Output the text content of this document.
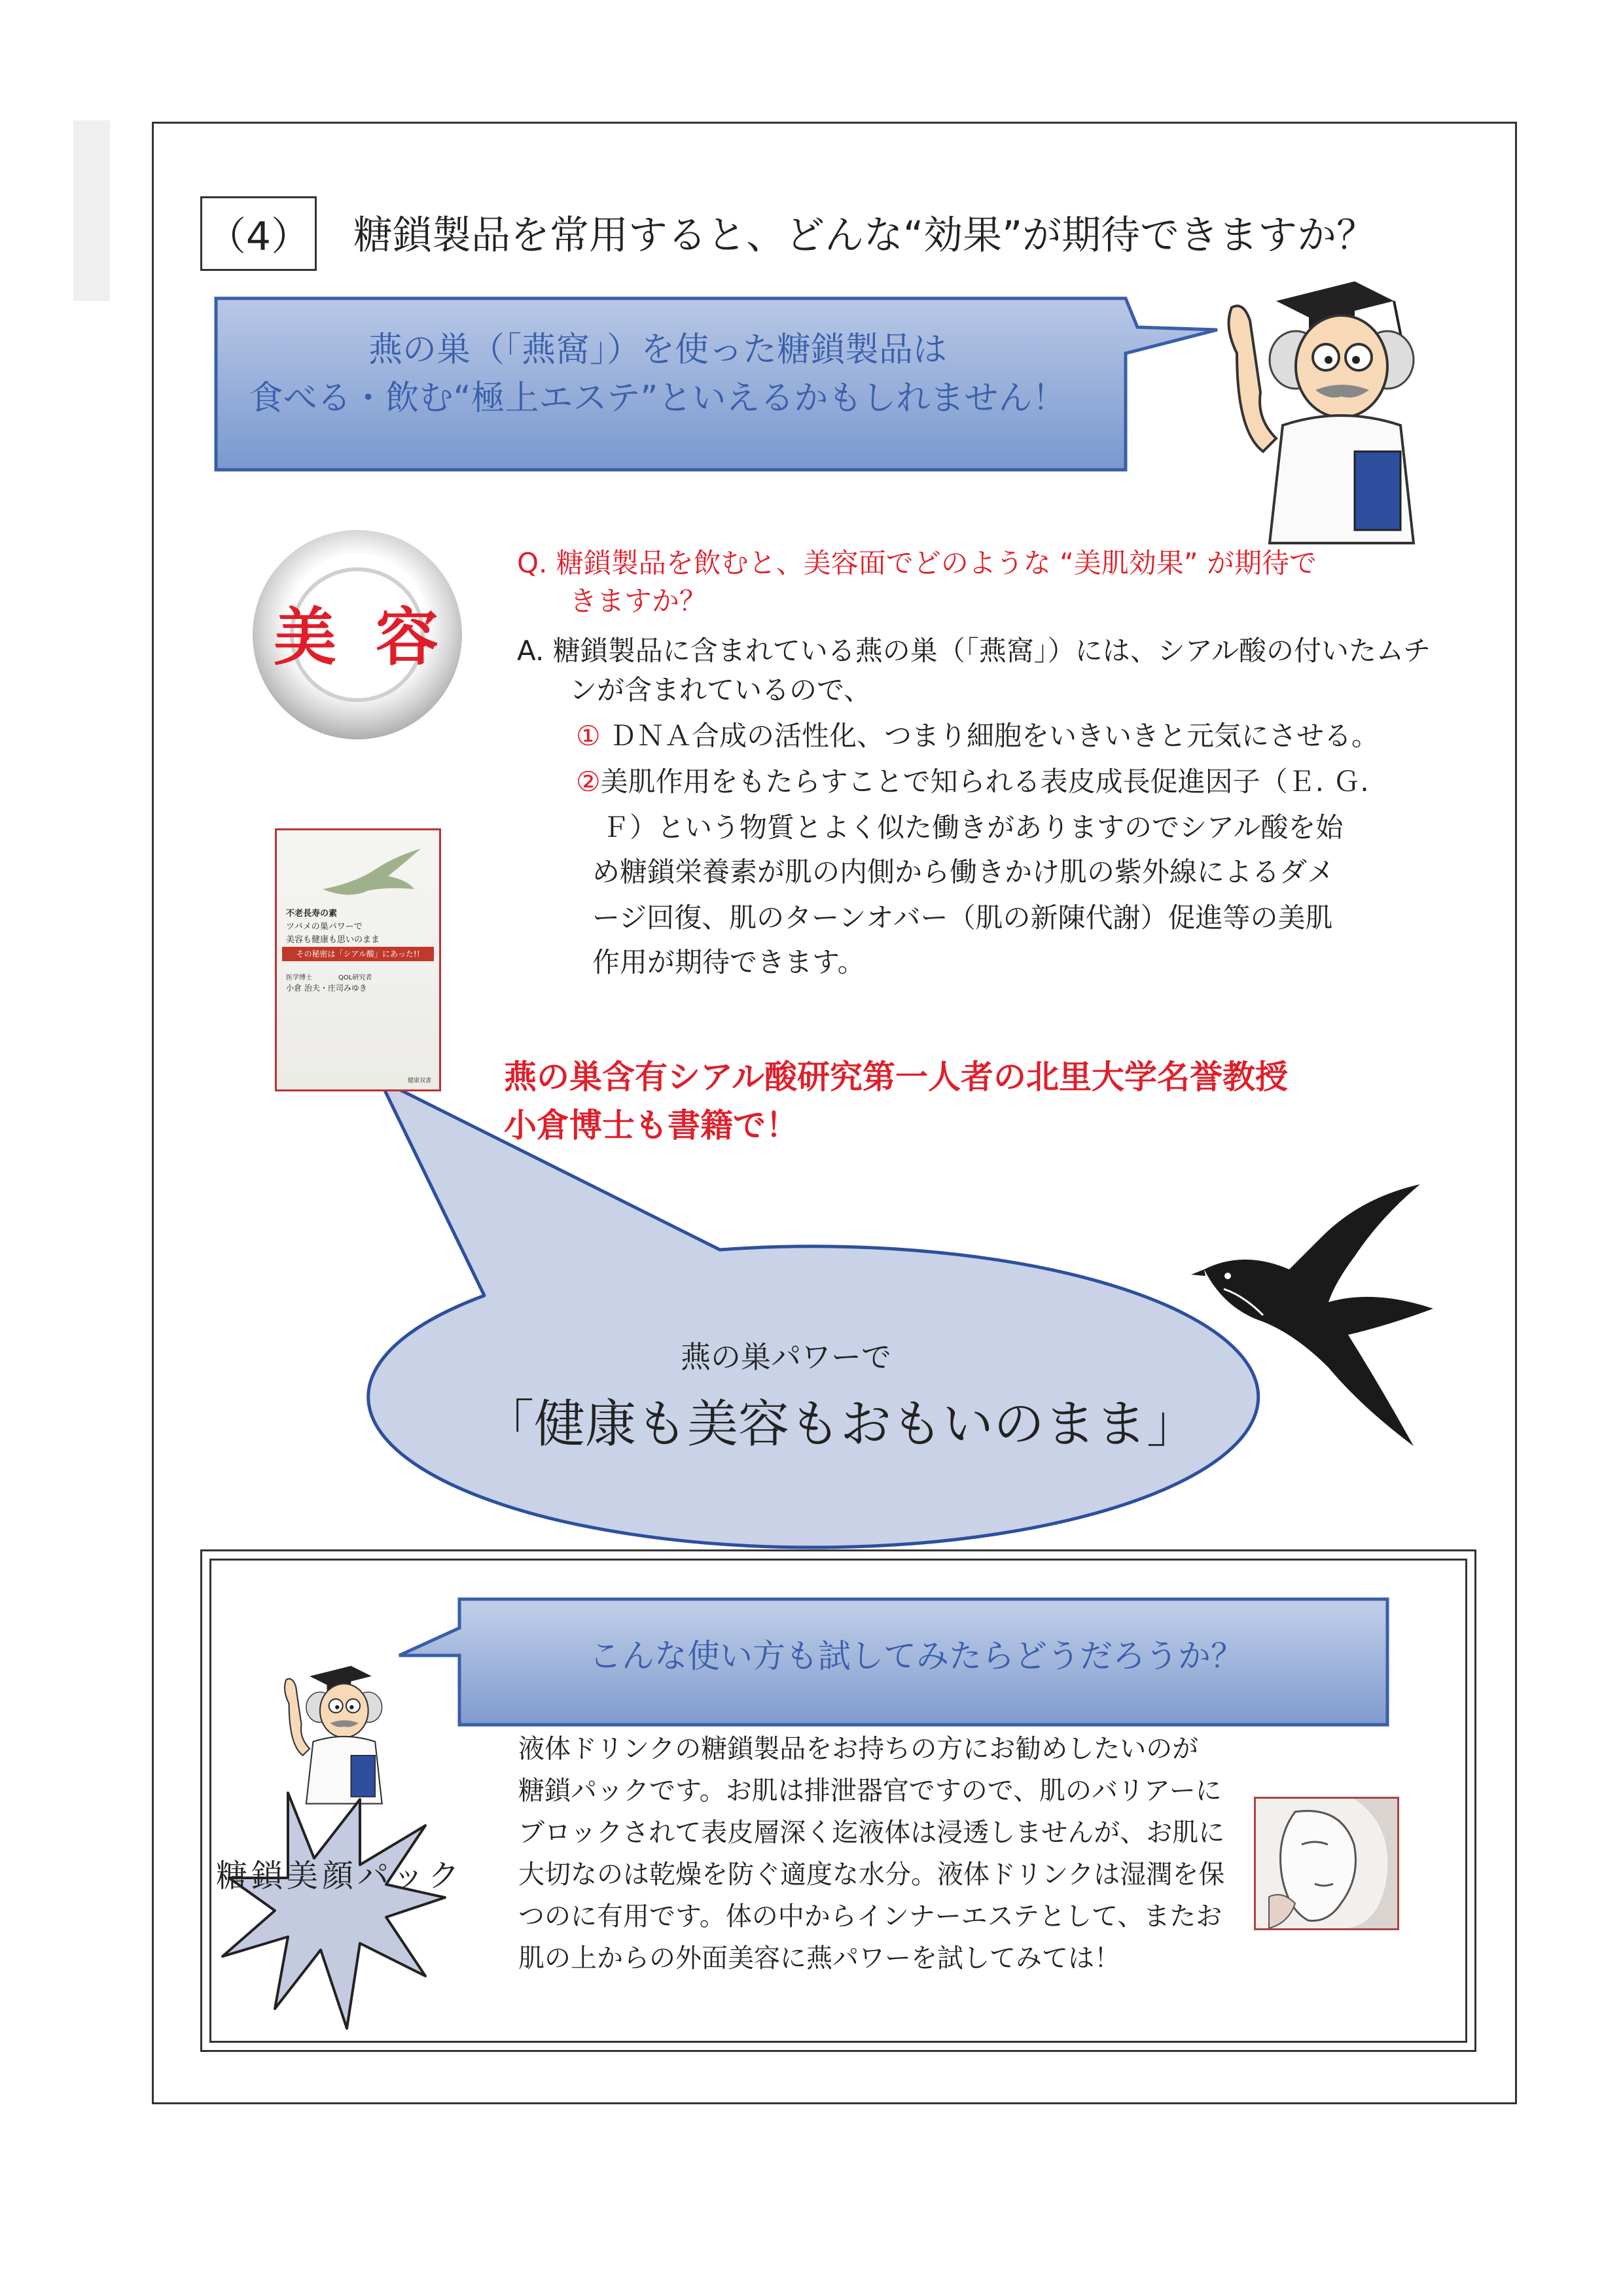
（4） 糖鎖製品を常用すると、どんな“効果”が期待できますか？
燕の巣（「燕窩」）を使った糖鎖製品は
食べる・飲む“極上エステ”といえるかもしれません！
美容
Q. 糖鎖製品を飲むと、美容面でどのような “美肌効果” が期待で
きますか？
A. 糖鎖製品に含まれている燕の巣（「燕窩」）には、シアル酸の付いたムチ
ンが含まれているので、
① ＤＮＡ合成の活性化、つまり細胞をいきいきと元気にさせる。
②美肌作用をもたらすことで知られる表皮成長促進因子（Ｅ. Ｇ.
Ｆ）という物質とよく似た働きがありますのでシアル酸を始
め糖鎖栄養素が肌の内側から働きかけ肌の紫外線によるダメ
ージ回復、肌のターンオバー（肌の新陳代謝）促進等の美肌
作用が期待できます。
不老長寿の素
ツバメの巣パワーで
美容も健康も思いのまま
その秘密は「シアル酸」にあった!!
医学博士　　　　QOL研究者
小倉 治夫・庄司みゆき
健康双書 燕の巣含有シアル酸研究第一人者の北里大学名誉教授
小倉博士も書籍で！
燕の巣パワーで
「健康も美容もおもいのまま」
こんな使い方も試してみたらどうだろうか？
糖鎖美顔パック
液体ドリンクの糖鎖製品をお持ちの方にお勧めしたいのが
糖鎖パックです。お肌は排泄器官ですので、肌のバリアーに
ブロックされて表皮層深く迄液体は浸透しませんが、お肌に
大切なのは乾燥を防ぐ適度な水分。液体ドリンクは湿潤を保
つのに有用です。体の中からインナーエステとして、またお
肌の上からの外面美容に燕パワーを試してみては！
